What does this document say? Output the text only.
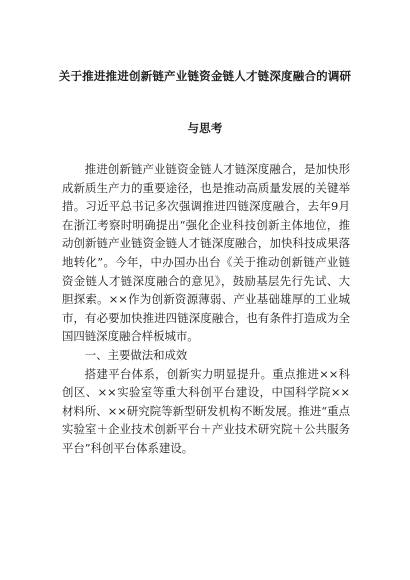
关于推进推进创新链产业链资金链人才链深度融合的调研
与思考

推进创新链产业链资金链人才链深度融合，是加快形成新质生产力的重要途径，也是推动高质量发展的关键举措。习近平总书记多次强调推进四链深度融合，去年9月在浙江考察时明确提出“强化企业科技创新主体地位，推动创新链产业链资金链人才链深度融合，加快科技成果落地转化”。今年，中办国办出台《关于推动创新链产业链资金链人才链深度融合的意见》，鼓励基层先行先试、大胆探索。××作为创新资源薄弱、产业基础雄厚的工业城市，有必要加快推进四链深度融合，也有条件打造成为全国四链深度融合样板城市。

一、主要做法和成效

搭建平台体系，创新实力明显提升。重点推进××科创区、××实验室等重大科创平台建设，中国科学院××材料所、××研究院等新型研发机构不断发展。推进“重点实验室＋企业技术创新平台＋产业技术研究院＋公共服务平台”科创平台体系建设。
